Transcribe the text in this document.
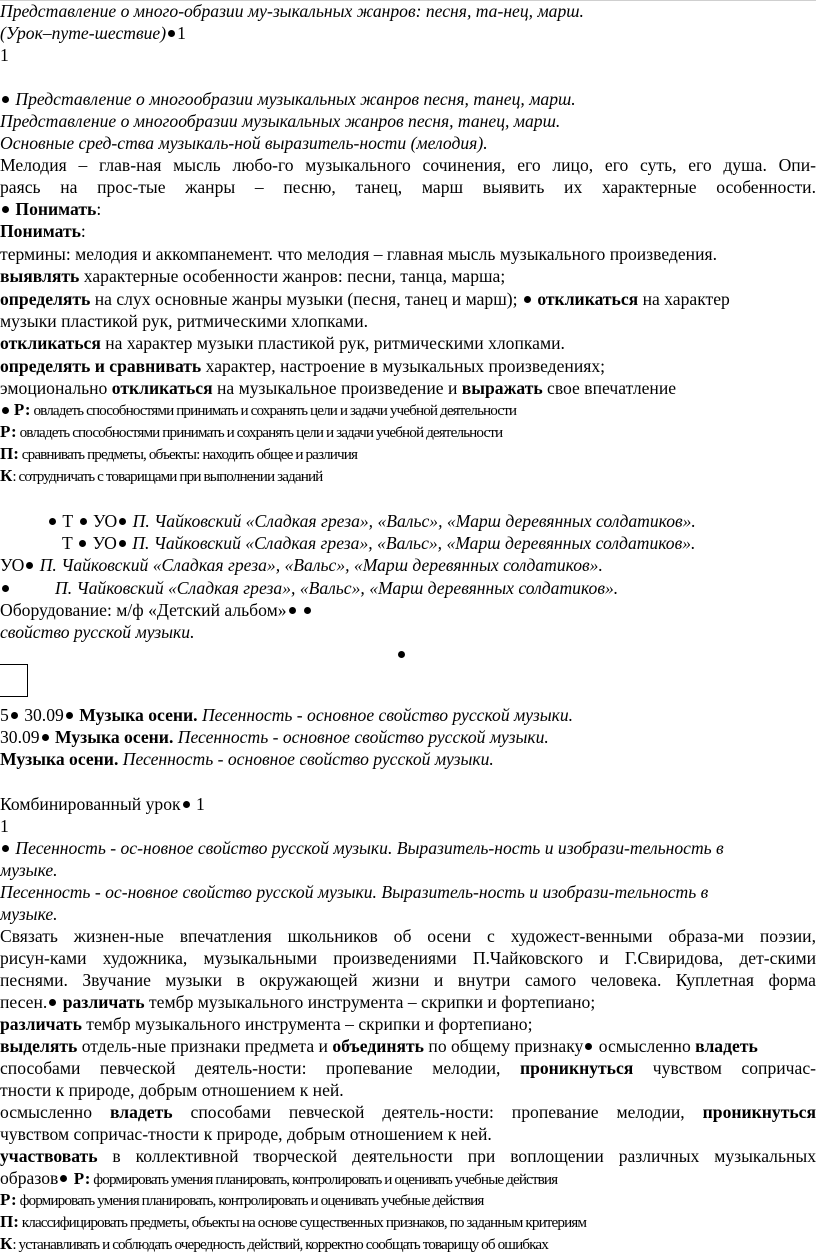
Представление о много-образии му-зыкальных жанров: песня, та-нец, марш.
(Урок–путе-шествие) 1
1
Представление о многообразии музыкальных жанров песня, танец, марш.
Представление о многообразии музыкальных жанров песня, танец, марш.
Основные сред-ства музыкаль-ной выразитель-ности (мелодия).
Мелодия – глав-ная мысль любо-го музыкального сочинения, его лицо, его суть, его душа. Опи-
раясь на прос-тые жанры – песню, танец, марш выявить их характерные особенности.
Понимать:
Понимать:
термины: мелодия и аккомпанемент. что мелодия – главная мысль музыкального произведения.
выявлять характерные особенности жанров: песни, танца, марша;
определять на слух основные жанры музыки (песня, танец и марш);  откликаться на характер
музыки пластикой рук, ритмическими хлопками.
откликаться на характер музыки пластикой рук, ритмическими хлопками.
определять и сравнивать характер, настроение в музыкальных произведениях;
эмоционально откликаться на музыкальное произведение и выражать свое впечатление
Р: овладеть способностями принимать и сохранять цели и задачи учебной деятельности
Р: овладеть способностями принимать и сохранять цели и задачи учебной деятельности
П: сравнивать предметы, объекты: находить общее и различия
К: сотрудничать с товарищами при выполнении заданий
Т УО П. Чайковский «Сладкая греза», «Вальс», «Марш деревянных солдатиков».
Т УО П. Чайковский «Сладкая греза», «Вальс», «Марш деревянных солдатиков».
УО П. Чайковский «Сладкая греза», «Вальс», «Марш деревянных солдатиков».
П. Чайковский «Сладкая греза», «Вальс», «Марш деревянных солдатиков».
Оборудование: м/ф «Детский альбом»
свойство русской музыки.
5 30.09 Музыка осени. Песенность - основное свойство русской музыки.
30.09 Музыка осени. Песенность - основное свойство русской музыки.
Музыка осени. Песенность - основное свойство русской музыки.
Комбинированный урок 1
1
Песенность - ос-новное свойство русской музыки. Выразитель-ность и изобрази-тельность в
музыке.
Песенность - ос-новное свойство русской музыки. Выразитель-ность и изобрази-тельность в
музыке.
Связать жизнен-ные впечатления школьников об осени с художест-венными образа-ми поэзии,
рисун-ками художника, музыкальными произведениями П.Чайковского и Г.Свиридова, дет-скими
песнями. Звучание музыки в окружающей жизни и внутри самого человека. Куплетная форма
песен. различать тембр музыкального инструмента – скрипки и фортепиано;
различать тембр музыкального инструмента – скрипки и фортепиано;
выделять отдель-ные признаки предмета и объединять по общему признаку осмысленно владеть
способами певческой деятель-ности: пропевание мелодии, проникнуться чувством сопричас-
тности к природе, добрым отношением к ней.
осмысленно владеть способами певческой деятель-ности: пропевание мелодии, проникнуться
чувством сопричас-тности к природе, добрым отношением к ней.
участвовать в коллективной творческой деятельности при воплощении различных музыкальных
образов Р: формировать умения планировать, контролировать и оценивать учебные действия
Р: формировать умения планировать, контролировать и оценивать учебные действия
П: классифицировать предметы, объекты на основе существенных признаков, по заданным критериям
К: устанавливать и соблюдать очередность действий, корректно сообщать товарищу об ошибках
